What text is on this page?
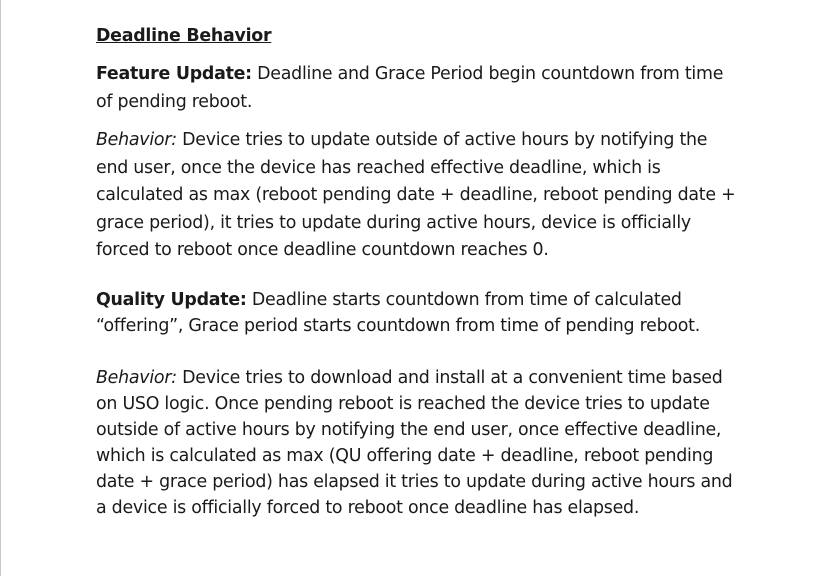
Deadline Behavior

Feature Update: Deadline and Grace Period begin countdown from time of pending reboot.

Behavior: Device tries to update outside of active hours by notifying the end user, once the device has reached effective deadline, which is calculated as max (reboot pending date + deadline, reboot pending date + grace period), it tries to update during active hours, device is officially forced to reboot once deadline countdown reaches 0.

Quality Update: Deadline starts countdown from time of calculated “offering”, Grace period starts countdown from time of pending reboot.

Behavior: Device tries to download and install at a convenient time based on USO logic. Once pending reboot is reached the device tries to update outside of active hours by notifying the end user, once effective deadline, which is calculated as max (QU offering date + deadline, reboot pending date + grace period) has elapsed it tries to update during active hours and a device is officially forced to reboot once deadline has elapsed.
